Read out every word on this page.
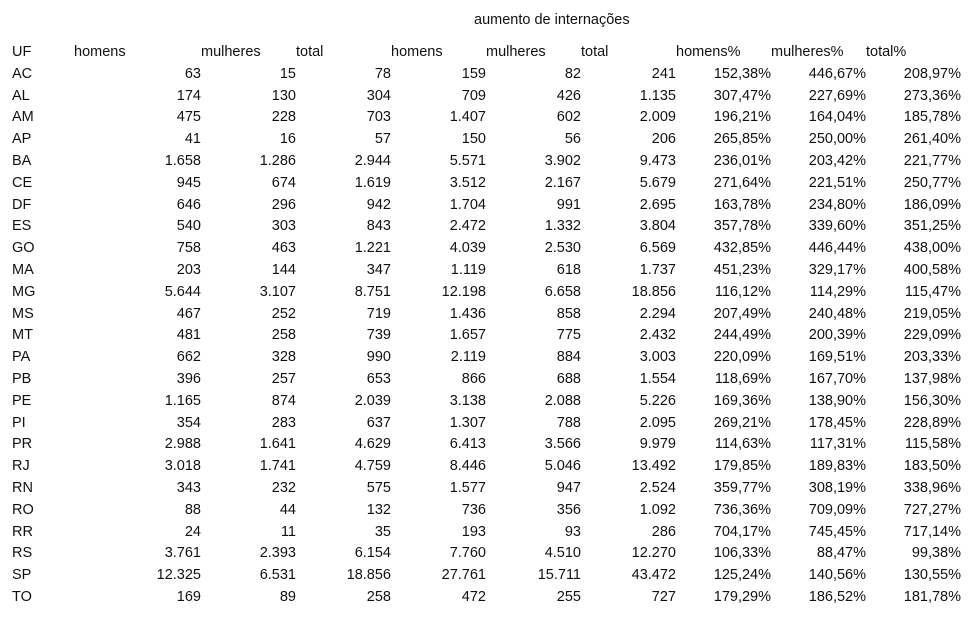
aumento de internações
UF	homens	mulheres	total	homens	mulheres	total	homens%	mulheres%	total%
AC	63	15	78	159	82	241	152,38%	446,67%	208,97%
AL	174	130	304	709	426	1.135	307,47%	227,69%	273,36%
AM	475	228	703	1.407	602	2.009	196,21%	164,04%	185,78%
AP	41	16	57	150	56	206	265,85%	250,00%	261,40%
BA	1.658	1.286	2.944	5.571	3.902	9.473	236,01%	203,42%	221,77%
CE	945	674	1.619	3.512	2.167	5.679	271,64%	221,51%	250,77%
DF	646	296	942	1.704	991	2.695	163,78%	234,80%	186,09%
ES	540	303	843	2.472	1.332	3.804	357,78%	339,60%	351,25%
GO	758	463	1.221	4.039	2.530	6.569	432,85%	446,44%	438,00%
MA	203	144	347	1.119	618	1.737	451,23%	329,17%	400,58%
MG	5.644	3.107	8.751	12.198	6.658	18.856	116,12%	114,29%	115,47%
MS	467	252	719	1.436	858	2.294	207,49%	240,48%	219,05%
MT	481	258	739	1.657	775	2.432	244,49%	200,39%	229,09%
PA	662	328	990	2.119	884	3.003	220,09%	169,51%	203,33%
PB	396	257	653	866	688	1.554	118,69%	167,70%	137,98%
PE	1.165	874	2.039	3.138	2.088	5.226	169,36%	138,90%	156,30%
PI	354	283	637	1.307	788	2.095	269,21%	178,45%	228,89%
PR	2.988	1.641	4.629	6.413	3.566	9.979	114,63%	117,31%	115,58%
RJ	3.018	1.741	4.759	8.446	5.046	13.492	179,85%	189,83%	183,50%
RN	343	232	575	1.577	947	2.524	359,77%	308,19%	338,96%
RO	88	44	132	736	356	1.092	736,36%	709,09%	727,27%
RR	24	11	35	193	93	286	704,17%	745,45%	717,14%
RS	3.761	2.393	6.154	7.760	4.510	12.270	106,33%	88,47%	99,38%
SP	12.325	6.531	18.856	27.761	15.711	43.472	125,24%	140,56%	130,55%
TO	169	89	258	472	255	727	179,29%	186,52%	181,78%
